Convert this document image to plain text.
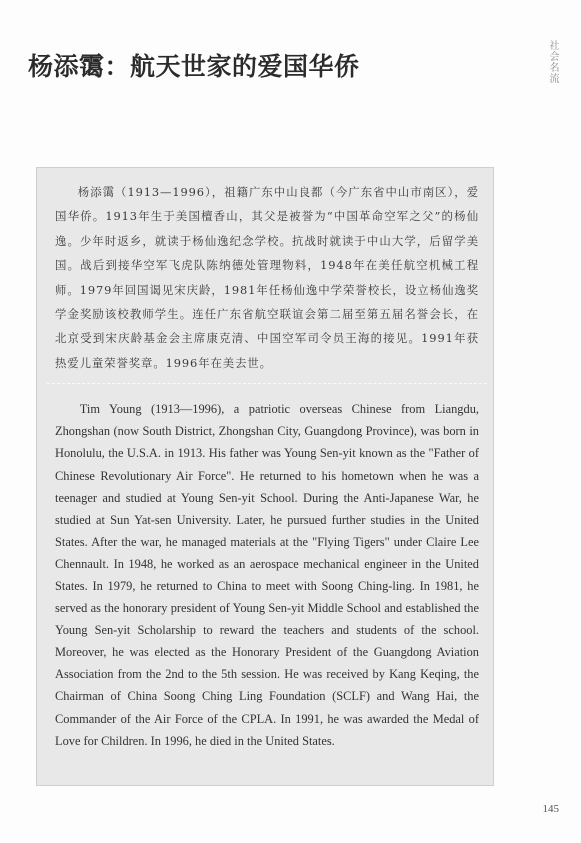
杨添霭：航天世家的爱国华侨	社会名流

杨添霭（1913—1996），祖籍广东中山良都（今广东省中山市南区），爱国华侨。1913年生于美国檀香山，其父是被誉为“中国革命空军之父”的杨仙逸。少年时返乡，就读于杨仙逸纪念学校。抗战时就读于中山大学，后留学美国。战后到接华空军飞虎队陈纳德处管理物料，1948年在美任航空机械工程师。1979年回国谒见宋庆龄，1981年任杨仙逸中学荣誉校长，设立杨仙逸奖学金奖励该校教师学生。连任广东省航空联谊会第二届至第五届名誉会长，在北京受到宋庆龄基金会主席康克清、中国空军司令员王海的接见。1991年获热爱儿童荣誉奖章。1996年在美去世。

Tim Young (1913—1996), a patriotic overseas Chinese from Liangdu, Zhongshan (now South District, Zhongshan City, Guangdong Province), was born in Honolulu, the U.S.A. in 1913. His father was Young Sen-yit known as the "Father of Chinese Revolutionary Air Force". He returned to his hometown when he was a teenager and studied at Young Sen-yit School. During the Anti-Japanese War, he studied at Sun Yat-sen University. Later, he pursued further studies in the United States. After the war, he managed materials at the "Flying Tigers" under Claire Lee Chennault. In 1948, he worked as an aerospace mechanical engineer in the United States. In 1979, he returned to China to meet with Soong Ching-ling. In 1981, he served as the honorary president of Young Sen-yit Middle School and established the Young Sen-yit Scholarship to reward the teachers and students of the school. Moreover, he was elected as the Honorary President of the Guangdong Aviation Association from the 2nd to the 5th session. He was received by Kang Keqing, the Chairman of China Soong Ching Ling Foundation (SCLF) and Wang Hai, the Commander of the Air Force of the CPLA. In 1991, he was awarded the Medal of Love for Children. In 1996, he died in the United States.

145
